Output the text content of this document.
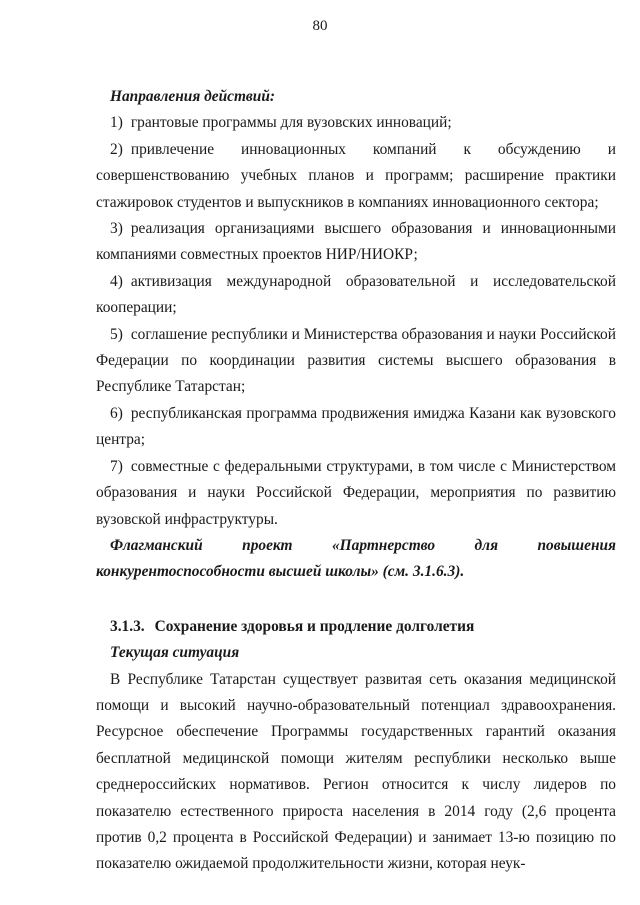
80

Направления действий:

1) грантовые программы для вузовских инноваций;

2) привлечение инновационных компаний к обсуждению и совершенствованию учебных планов и программ; расширение практики стажировок студентов и выпускников в компаниях инновационного сектора;

3) реализация организациями высшего образования и инновационными компаниями совместных проектов НИР/НИОКР;

4) активизация международной образовательной и исследовательской кооперации;

5) соглашение республики и Министерства образования и науки Российской Федерации по координации развития системы высшего образования в Республике Татарстан;

6) республиканская программа продвижения имиджа Казани как вузовского центра;

7) совместные с федеральными структурами, в том числе с Министерством образования и науки Российской Федерации, мероприятия по развитию вузовской инфраструктуры.

Флагманский проект «Партнерство для повышения конкурентоспособности высшей школы» (см. 3.1.6.3).

3.1.3. Сохранение здоровья и продление долголетия

Текущая ситуация

В Республике Татарстан существует развитая сеть оказания медицинской помощи и высокий научно-образовательный потенциал здравоохранения. Ресурсное обеспечение Программы государственных гарантий оказания бесплатной медицинской помощи жителям республики несколько выше среднероссийских нормативов. Регион относится к числу лидеров по показателю естественного прироста населения в 2014 году (2,6 процента против 0,2 процента в Российской Федерации) и занимает 13-ю позицию по показателю ожидаемой продолжительности жизни, которая неук-
